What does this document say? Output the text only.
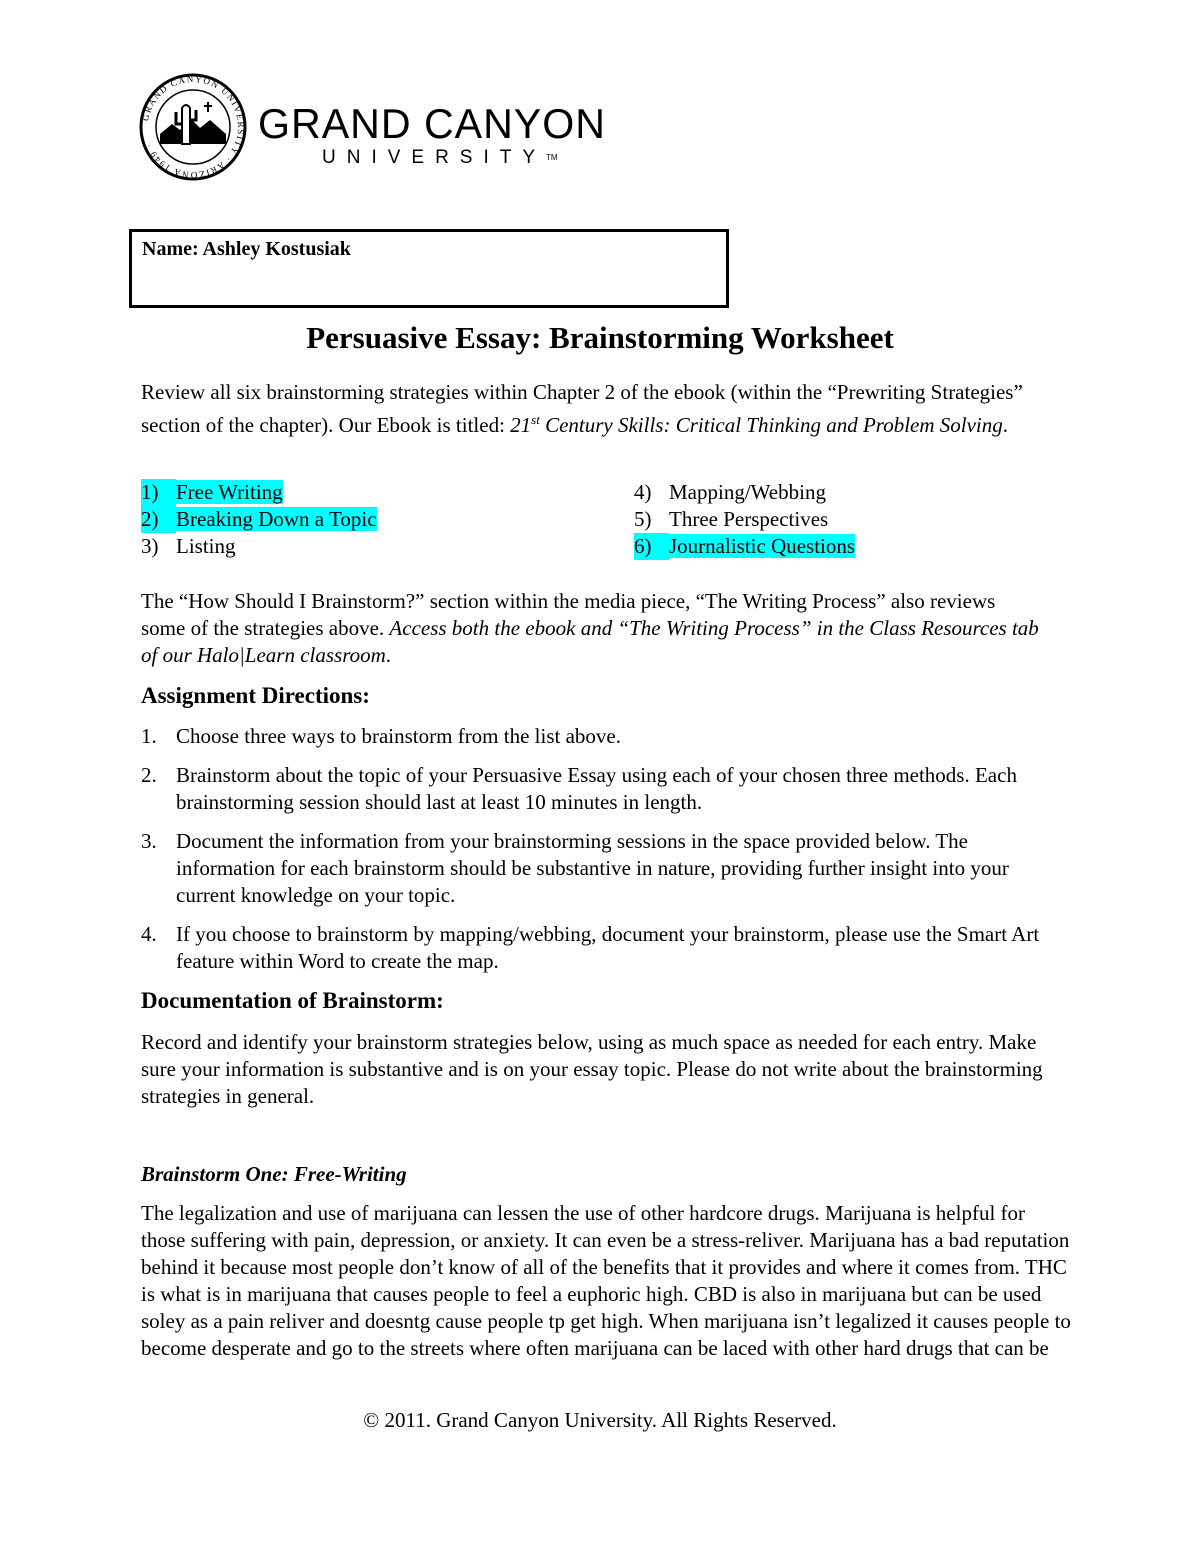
GRAND CANYON UNIVERSITY · ARIZONA 1949 ·	GRAND CANYON
UNIVERSITY™
Name: Ashley Kostusiak
Persuasive Essay: Brainstorming Worksheet
Review all six brainstorming strategies within Chapter 2 of the ebook (within the “Prewriting Strategies” section of the chapter). Our Ebook is titled: 21st Century Skills: Critical Thinking and Problem Solving.
1) Free Writing
2) Breaking Down a Topic
3) Listing
4) Mapping/Webbing
5) Three Perspectives
6) Journalistic Questions
The “How Should I Brainstorm?” section within the media piece, “The Writing Process” also reviews some of the strategies above. Access both the ebook and “The Writing Process” in the Class Resources tab of our Halo|Learn classroom.
Assignment Directions:
1. Choose three ways to brainstorm from the list above.
2. Brainstorm about the topic of your Persuasive Essay using each of your chosen three methods. Each brainstorming session should last at least 10 minutes in length.
3. Document the information from your brainstorming sessions in the space provided below. The information for each brainstorm should be substantive in nature, providing further insight into your current knowledge on your topic.
4. If you choose to brainstorm by mapping/webbing, document your brainstorm, please use the Smart Art feature within Word to create the map.
Documentation of Brainstorm:
Record and identify your brainstorm strategies below, using as much space as needed for each entry. Make sure your information is substantive and is on your essay topic. Please do not write about the brainstorming strategies in general.
Brainstorm One: Free-Writing
The legalization and use of marijuana can lessen the use of other hardcore drugs. Marijuana is helpful for those suffering with pain, depression, or anxiety. It can even be a stress-reliver. Marijuana has a bad reputation behind it because most people don’t know of all of the benefits that it provides and where it comes from. THC is what is in marijuana that causes people to feel a euphoric high. CBD is also in marijuana but can be used soley as a pain reliver and doesntg cause people tp get high. When marijuana isn’t legalized it causes people to become desperate and go to the streets where often marijuana can be laced with other hard drugs that can be
© 2011. Grand Canyon University. All Rights Reserved.
